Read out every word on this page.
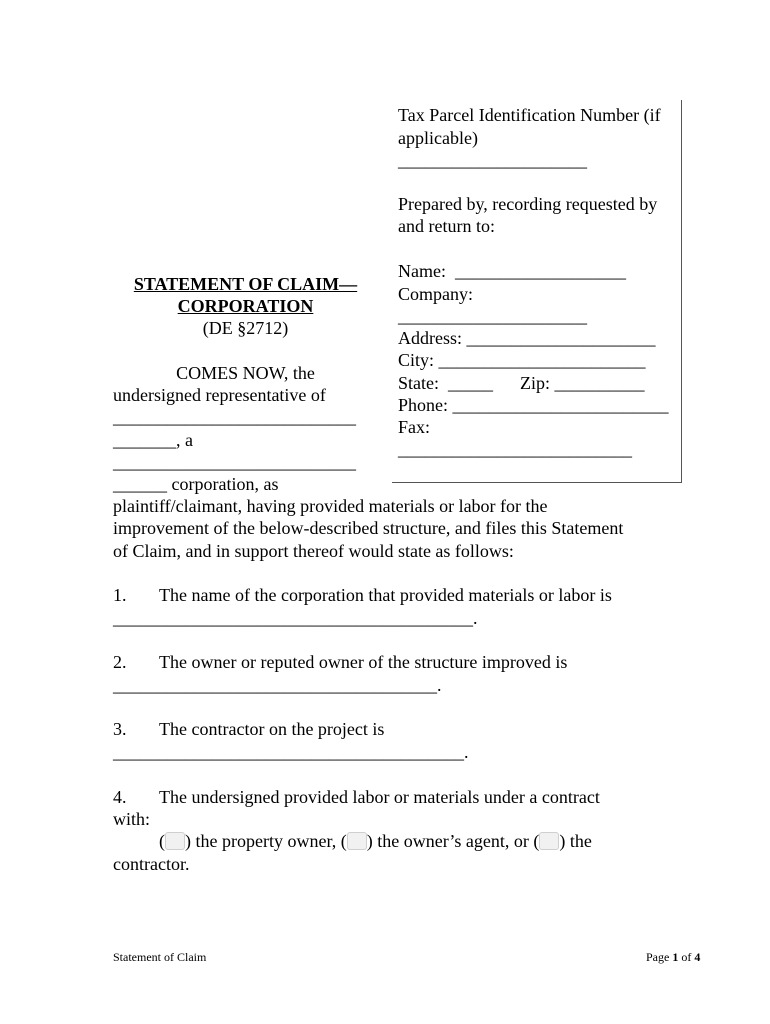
Tax Parcel Identification Number (if
applicable)
_____________________
Prepared by, recording requested by
and return to:
Name:  ___________________
Company:
_____________________
Address: _____________________
City: _______________________
State:  _____      Zip: __________
Phone: ________________________
Fax:
__________________________
STATEMENT OF CLAIM—
CORPORATION
(DE §2712)
COMES NOW, the
undersigned representative of
___________________________
_______, a
___________________________
______ corporation, as
plaintiff/claimant, having provided materials or labor for the
improvement of the below-described structure, and files this Statement
of Claim, and in support thereof would state as follows:
1. The name of the corporation that provided materials or labor is
________________________________________.
2. The owner or reputed owner of the structure improved is
____________________________________.
3. The contractor on the project is
_______________________________________.
4. The undersigned provided labor or materials under a contract
with:
( ) the property owner, ( ) the owner’s agent, or ( ) the
contractor.
Statement of Claim	Page 1 of 4
